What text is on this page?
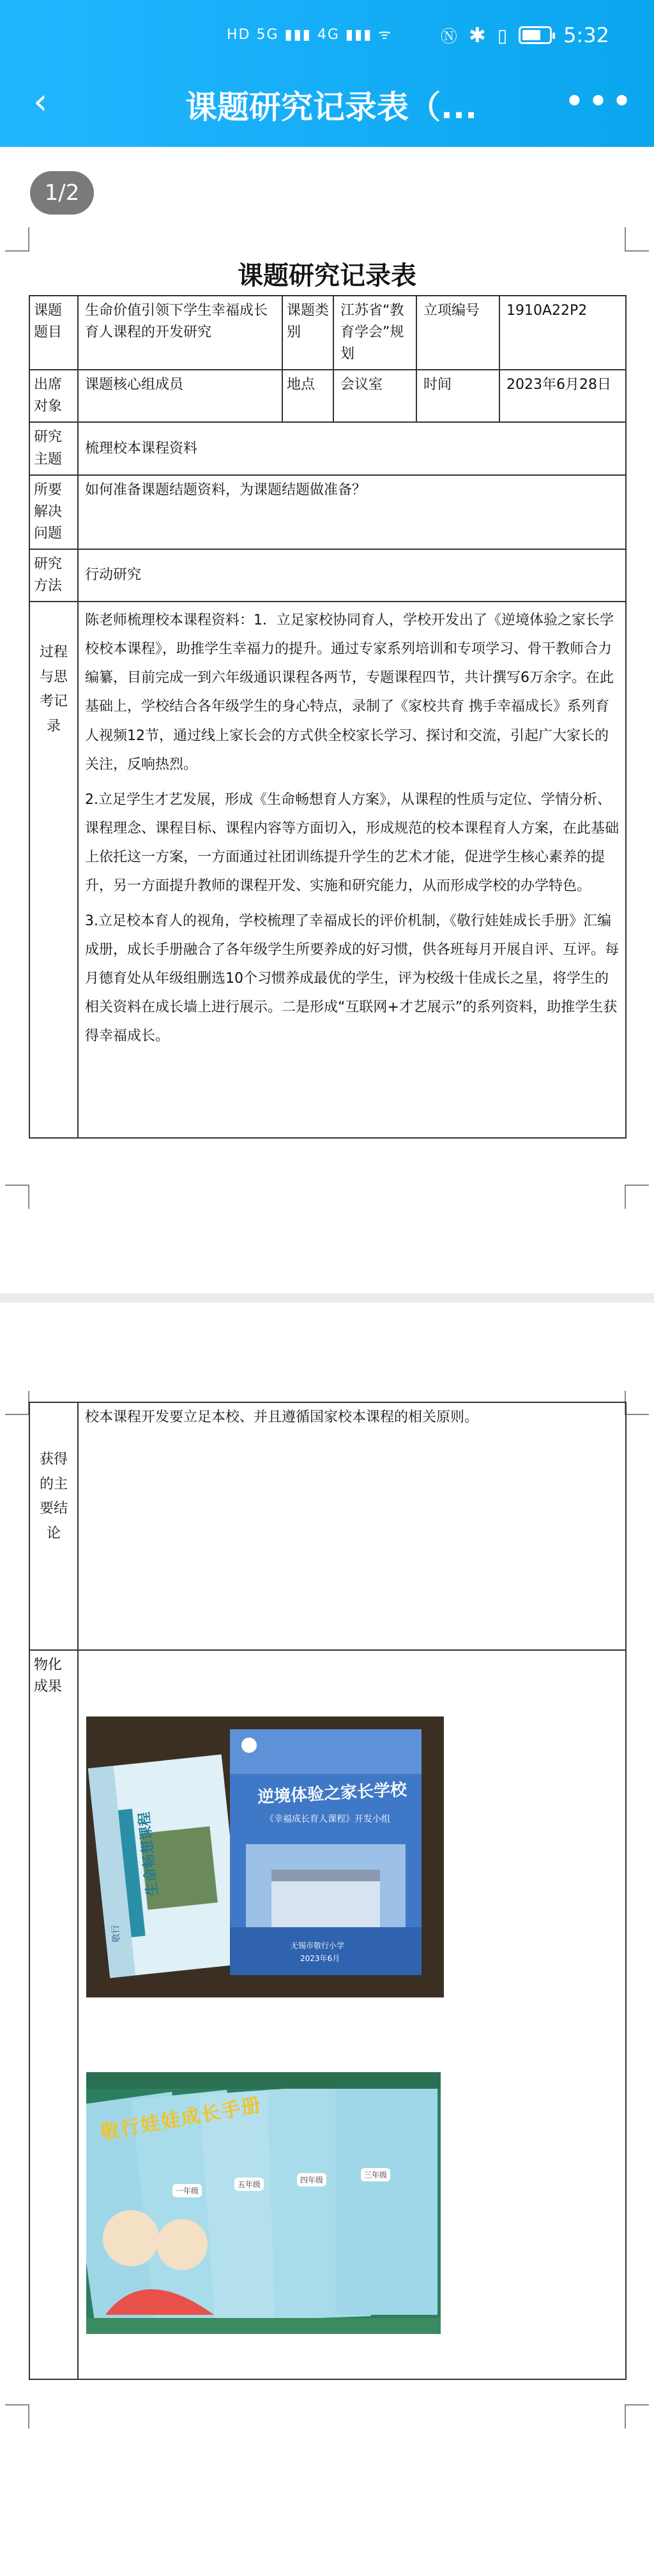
HD 5G ▮▮▮ 4G ▮▮▮ ᯤ	Ⓝ ✱ ▯	5:32
‹	课题研究记录表（... •••
1/2
课题研究记录表
课题题目	生命价值引领下学生幸福成长育人课程的开发研究	课题类别	江苏省“教育学会”规划	立项编号	1910A22P2
出席对象	课题核心组成员	地点	会议室	时间	2023年6月28日
研究主题	梳理校本课程资料				
所要解决问题	如何准备课题结题资料，为课题结题做准备？				
研究方法	行动研究				

过程与思考记录	陈老师梳理校本课程资料：1．立足家校协同育人，学校开发出了《逆境体验之家长学校校本课程》，助推学生幸福力的提升。通过专家系列培训和专项学习、骨干教师合力编纂，目前完成一到六年级通识课程各两节，专题课程四节，共计撰写6万余字。在此基础上，学校结合各年级学生的身心特点，录制了《家校共育 携手幸福成长》系列育人视频12节，通过线上家长会的方式供全校家长学习、探讨和交流，引起广大家长的关注，反响热烈。

2.立足学生才艺发展，形成《生命畅想育人方案》，从课程的性质与定位、学情分析、课程理念、课程目标、课程内容等方面切入，形成规范的校本课程育人方案，在此基础上依托这一方案，一方面通过社团训练提升学生的艺术才能，促进学生核心素养的提升，另一方面提升教师的课程开发、实施和研究能力，从而形成学校的办学特色。

3.立足校本育人的视角，学校梳理了幸福成长的评价机制，《敬行娃娃成长手册》汇编成册，成长手册融合了各年级学生所要养成的好习惯，供各班每月开展自评、互评。每月德育处从年级组删选10个习惯养成最优的学生，评为校级十佳成长之星，将学生的相关资料在成长墙上进行展示。二是形成“互联网+才艺展示”的系列资料，助推学生获得幸福成长。				

获得的主要结论	校本课程开发要立足本校、并且遵循国家校本课程的相关原则。
物化成果	
逆境体验之家长学校
《幸福成长育人课程》开发小组
无锡市敬行小学
2023年6月
敬行
生命畅想课程
敬行娃娃成长手册
一年级
五年级	四年级
三年级
